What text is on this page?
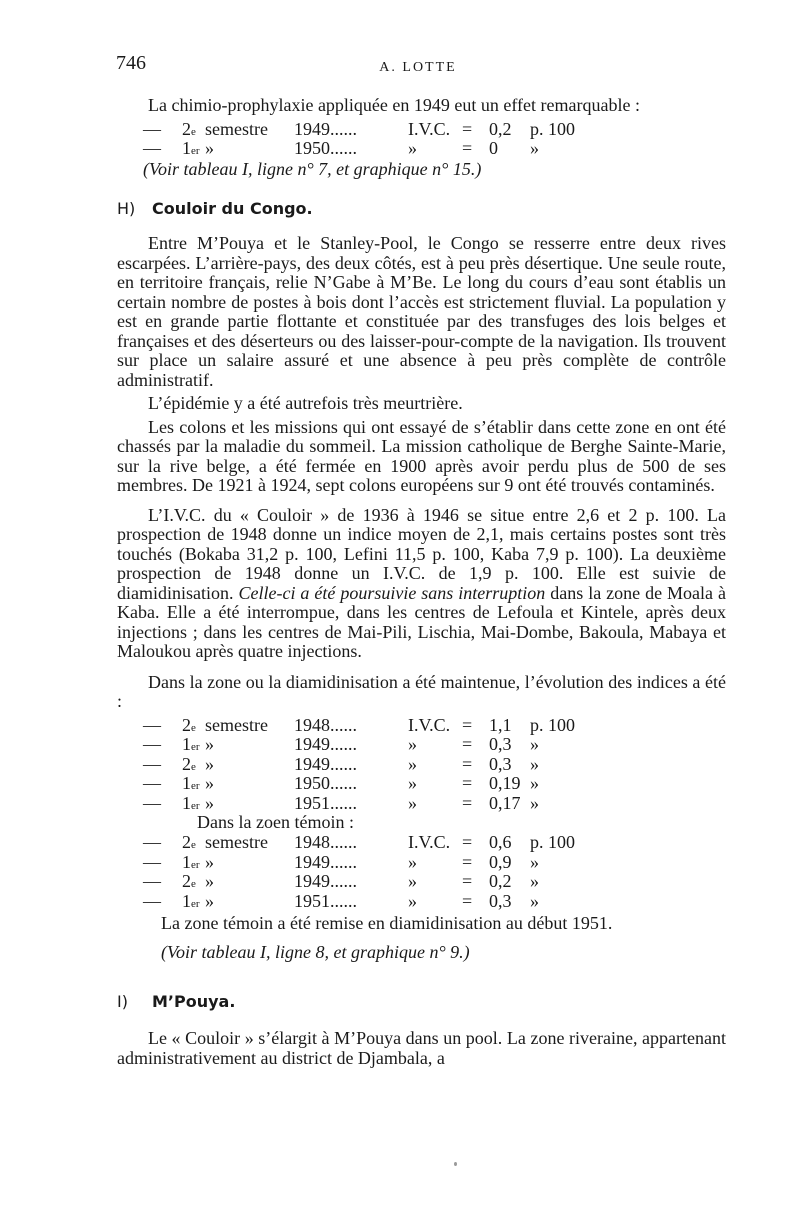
746	A. LOTTE

La chimio-prophylaxie appliquée en 1949 eut un effet remarquable :

— 2e semestre 1949......	I.V.C. = 0,2 p. 100
— 1er »	1950......	»	= 0 »

(Voir tableau I, ligne n° 7, et graphique n° 15.)

H) Couloir du Congo.

Entre M’Pouya et le Stanley-Pool, le Congo se resserre entre deux rives escarpées. L’arrière-pays, des deux côtés, est à peu près désertique. Une seule route, en territoire français, relie N’Gabe à M’Be. Le long du cours d’eau sont établis un certain nombre de postes à bois dont l’accès est strictement fluvial. La population y est en grande partie flottante et constituée par des transfuges des lois belges et françaises et des déserteurs ou des laisser-pour-compte de la navigation. Ils trouvent sur place un salaire assuré et une absence à peu près complète de contrôle administratif.

L’épidémie y a été autrefois très meurtrière.

Les colons et les missions qui ont essayé de s’établir dans cette zone en ont été chassés par la maladie du sommeil. La mission catholique de Berghe Sainte-Marie, sur la rive belge, a été fermée en 1900 après avoir perdu plus de 500 de ses membres. De 1921 à 1924, sept colons européens sur 9 ont été trouvés contaminés.

L’I.V.C. du « Couloir » de 1936 à 1946 se situe entre 2,6 et 2 p. 100. La prospection de 1948 donne un indice moyen de 2,1, mais certains postes sont très touchés (Bokaba 31,2 p. 100, Lefini 11,5 p. 100, Kaba 7,9 p. 100). La deuxième prospection de 1948 donne un I.V.C. de 1,9 p. 100. Elle est suivie de diamidinisation. Celle-ci a été poursuivie sans interruption dans la zone de Moala à Kaba. Elle a été interrompue, dans les centres de Lefoula et Kintele, après deux injections ; dans les centres de Mai-Pili, Lischia, Mai-Dombe, Bakoula, Mabaya et Maloukou après quatre injections.

Dans la zone ou la diamidinisation a été maintenue, l’évolution des indices a été :

— 2e semestre 1948......	I.V.C. = 1,1 p. 100
— 1er »	1949......	»	= 0,3 »
— 2e »	1949......	»	= 0,3 »
— 1er »	1950......	»	= 0,19 »
— 1er »	1951......	»	= 0,17 »
Dans la zoen témoin :
— 2e semestre 1948......	I.V.C. = 0,6 p. 100
— 1er »	1949......	»	= 0,9 »
— 2e »	1949......	»	= 0,2 »
— 1er »	1951......	»	= 0,3 »

La zone témoin a été remise en diamidinisation au début 1951.

(Voir tableau I, ligne 8, et graphique n° 9.)

I) M’Pouya.

Le « Couloir » s’élargit à M’Pouya dans un pool. La zone riveraine, appartenant administrativement au district de Djambala, a
